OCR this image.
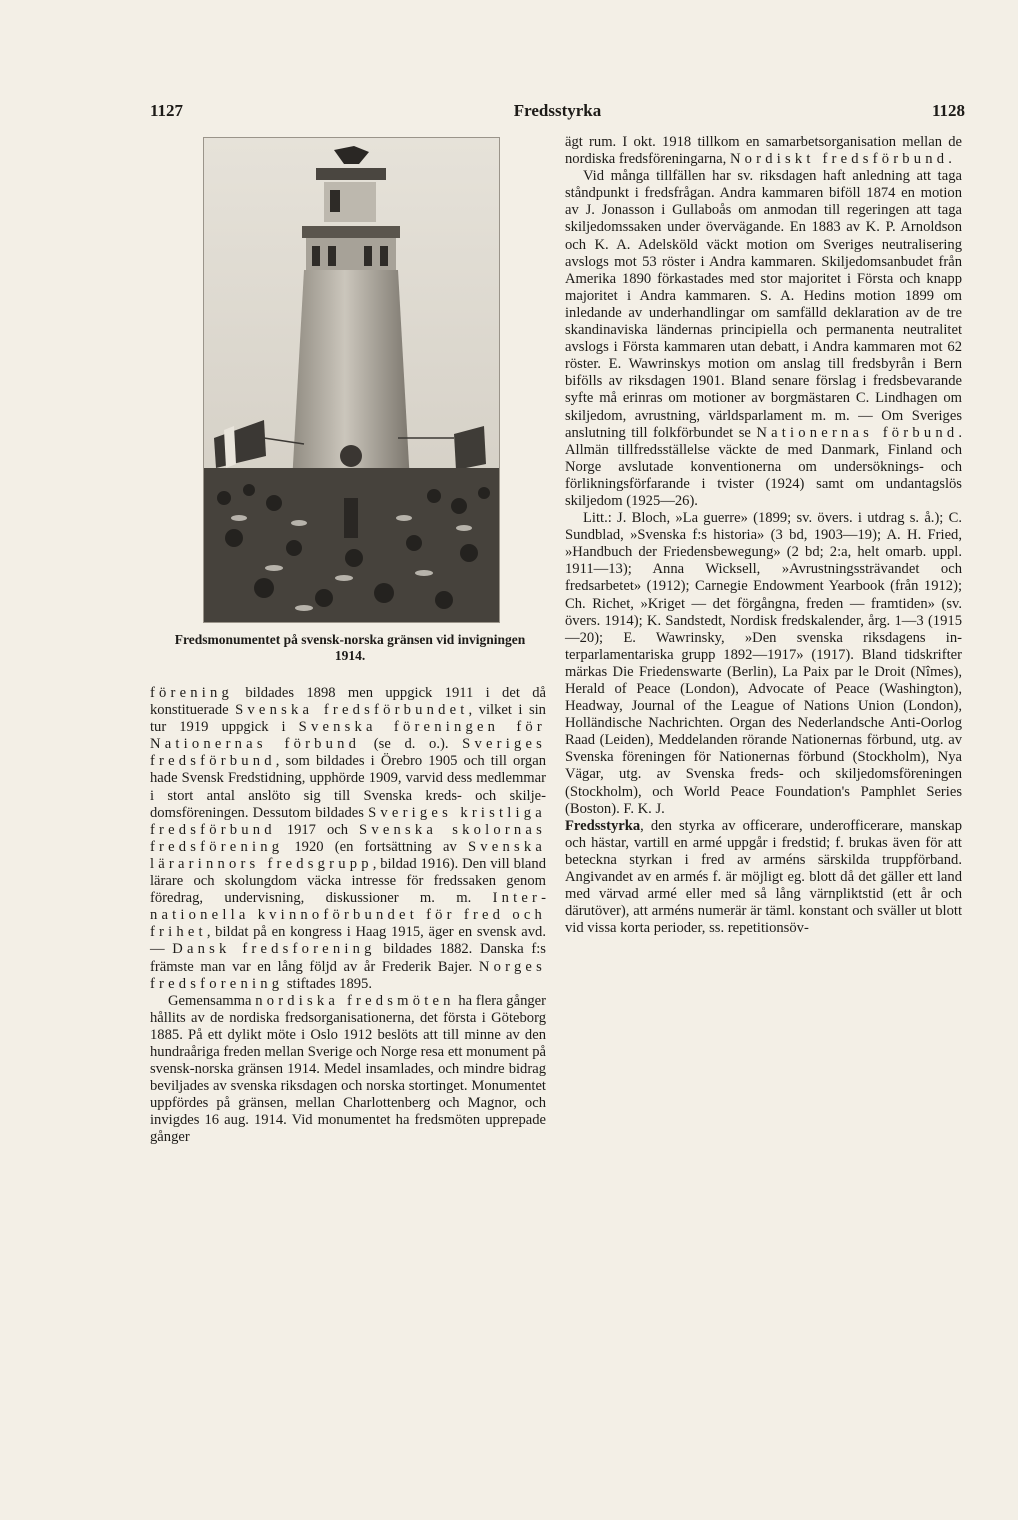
1127	Fredsstyrka	1128
Fredsmonumentet på svensk-norska gränsen vid invigningen 1914.

förening bildades 1898 men uppgick 1911 i det då konstituerade Svenska fredsförbundet, vilket i sin tur 1919 uppgick i Svenska föreningen för Nationernas förbund (se d. o.). Sveriges fredsförbund, som bildades i Örebro 1905 och till organ hade Svensk Fredstidning, upphörde 1909, varvid dess medlemmar i stort antal anslöto sig till Svenska kreds- och skiljedomsföreningen. Dessutom bildades Sveriges kristliga fredsförbund 1917 och Svenska skolornas fredsförening 1920 (en fortsättning av Svenska lärarinnors fredsgrupp, bildad 1916). Den vill bland lärare och skolungdom väcka intresse för fredssaken genom föredrag, undervisning, diskussioner m. m. Internationella kvinnoförbundet för fred och frihet, bildat på en kongress i Haag 1915, äger en svensk avd. — Dansk fredsforening bildades 1882. Danska f:s främste man var en lång följd av år Frederik Bajer. Norges fredsforening stiftades 1895.

Gemensamma nordiska fredsmöten ha flera gånger hållits av de nordiska fredsorganisationerna, det första i Göteborg 1885. På ett dylikt möte i Oslo 1912 beslöts att till minne av den hundraåriga freden mellan Sverige och Norge resa ett monument på svensk-norska gränsen 1914. Medel insamlades, och mindre bidrag beviljades av svenska riksdagen och norska stortinget. Monumentet uppfördes på gränsen, mellan Charlottenberg och Magnor, och invigdes 16 aug. 1914. Vid monumentet ha fredsmöten upprepade gånger

ägt rum. I okt. 1918 tillkom en samarbetsorganisation mellan de nordiska fredsföreningarna, Nordiskt fredsförbund.

Vid många tillfällen har sv. riksdagen haft anledning att taga ståndpunkt i fredsfrågan. Andra kammaren biföll 1874 en motion av J. Jonasson i Gullaboås om anmodan till regeringen att taga skiljedomssaken under övervägande. En 1883 av K. P. Arnoldson och K. A. Adelsköld väckt motion om Sveriges neutralisering avslogs mot 53 röster i Andra kammaren. Skiljedomsanbudet från Amerika 1890 förkastades med stor majoritet i Första och knapp majoritet i Andra kammaren. S. A. Hedins motion 1899 om inledande av underhandlingar om samfälld deklaration av de tre skandinaviska ländernas principiella och permanenta neutralitet avslogs i Första kammaren utan debatt, i Andra kammaren mot 62 röster. E. Wawrinskys motion om anslag till fredsbyrån i Bern bifölls av riksdagen 1901. Bland senare förslag i fredsbevarande syfte må erinras om motioner av borgmästaren C. Lindhagen om skiljedom, avrustning, världsparlament m. m. — Om Sveriges anslutning till folkförbundet se Nationernas förbund. Allmän tillfredsställelse väckte de med Danmark, Finland och Norge avslutade konventionerna om undersöknings- och förlikningsförfarande i tvister (1924) samt om undantagslös skiljedom (1925—26).

Litt.: J. Bloch, »La guerre» (1899; sv. övers. i utdrag s. å.); C. Sundblad, »Svenska f:s historia» (3 bd, 1903—19); A. H. Fried, »Handbuch der Friedensbewegung» (2 bd; 2:a, helt omarb. uppl. 1911—13); Anna Wicksell, »Avrustningssträvandet och fredsarbetet» (1912); Carnegie Endowment Yearbook (från 1912); Ch. Richet, »Kriget — det förgångna, freden — framtiden» (sv. övers. 1914); K. Sandstedt, Nordisk fredskalender, årg. 1—3 (1915—20); E. Wawrinsky, »Den svenska riksdagens interparlamentariska grupp 1892—1917» (1917). Bland tidskrifter märkas Die Friedenswarte (Berlin), La Paix par le Droit (Nîmes), Herald of Peace (London), Advocate of Peace (Washington), Headway, Journal of the League of Nations Union (London), Holländische Nachrichten. Organ des Nederlandsche Anti-Oorlog Raad (Leiden), Meddelanden rörande Nationernas förbund, utg. av Svenska föreningen för Nationernas förbund (Stockholm), Nya Vägar, utg. av Svenska freds- och skiljedomsföreningen (Stockholm), och World Peace Foundation's Pamphlet Series (Boston). F. K. J.

Fredsstyrka, den styrka av officerare, underofficerare, manskap och hästar, vartill en armé uppgår i fredstid; f. brukas även för att beteckna styrkan i fred av arméns särskilda truppförband. Angivandet av en armés f. är möjligt eg. blott då det gäller ett land med värvad armé eller med så lång värnpliktstid (ett år och därutöver), att arméns numerär är täml. konstant och sväller ut blott vid vissa korta perioder, ss. repetitionsöv-
